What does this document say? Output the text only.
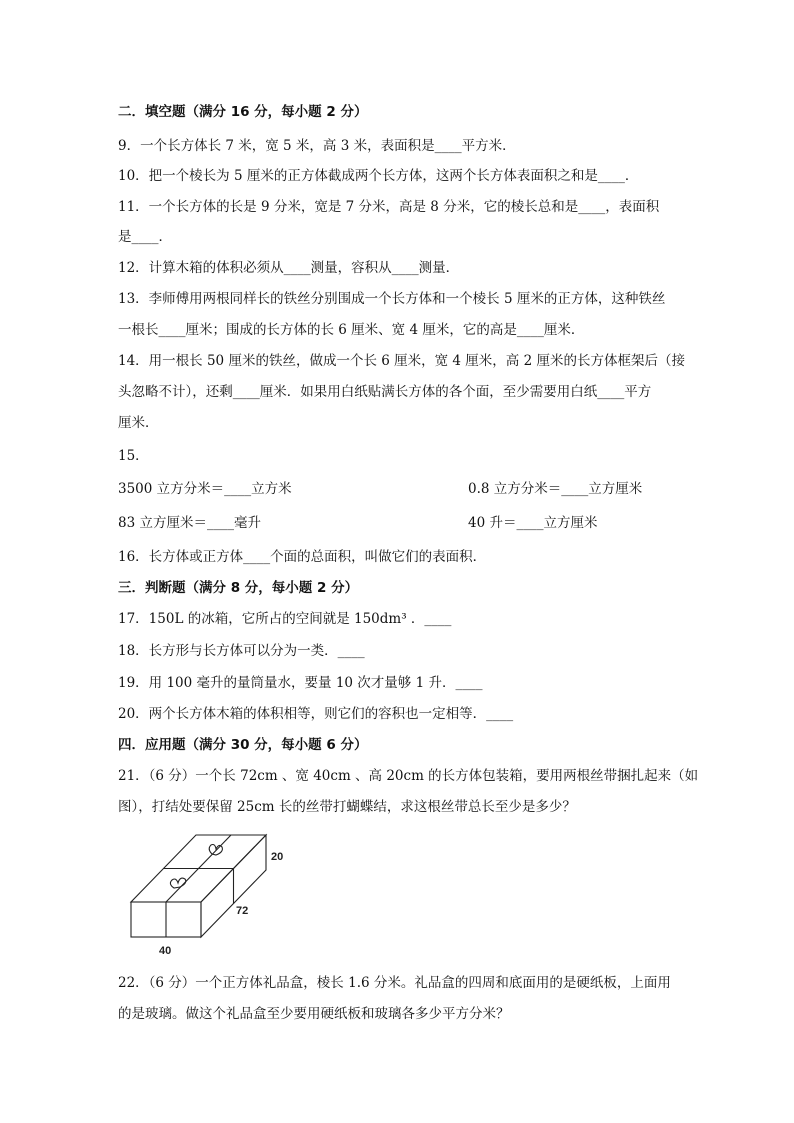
二．填空题（满分 16 分，每小题 2 分）
9．一个长方体长 7 米，宽 5 米，高 3 米，表面积是____平方米．
10．把一个棱长为 5 厘米的正方体截成两个长方体，这两个长方体表面积之和是____．
11．一个长方体的长是 9 分米，宽是 7 分米，高是 8 分米，它的棱长总和是____，表面积
是____．
12．计算木箱的体积必须从____测量，容积从____测量．
13．李师傅用两根同样长的铁丝分别围成一个长方体和一个棱长 5 厘米的正方体，这种铁丝
一根长____厘米；围成的长方体的长 6 厘米、宽 4 厘米，它的高是____厘米．
14．用一根长 50 厘米的铁丝，做成一个长 6 厘米，宽 4 厘米，高 2 厘米的长方体框架后（接
头忽略不计），还剩____厘米．如果用白纸贴满长方体的各个面，至少需要用白纸____平方
厘米．
15．
3500 立方分米＝____立方米	0.8 立方分米＝____立方厘米
83 立方厘米＝____毫升	40 升＝____立方厘米
16．长方体或正方体____个面的总面积，叫做它们的表面积．
三．判断题（满分 8 分，每小题 2 分）
17．150L 的冰箱，它所占的空间就是 150dm³ ．____
18．长方形与长方体可以分为一类．____
19．用 100 毫升的量筒量水，要量 10 次才量够 1 升．____
20．两个长方体木箱的体积相等，则它们的容积也一定相等．____
四．应用题（满分 30 分，每小题 6 分）
21．（6 分）一个长 72cm 、宽 40cm 、高 20cm 的长方体包装箱，要用两根丝带捆扎起来（如
图），打结处要保留 25cm 长的丝带打蝴蝶结，求这根丝带总长至少是多少？
20
72
40
22．（6 分）一个正方体礼品盒，棱长 1.6 分米。礼品盒的四周和底面用的是硬纸板，上面用
的是玻璃。做这个礼品盒至少要用硬纸板和玻璃各多少平方分米？
